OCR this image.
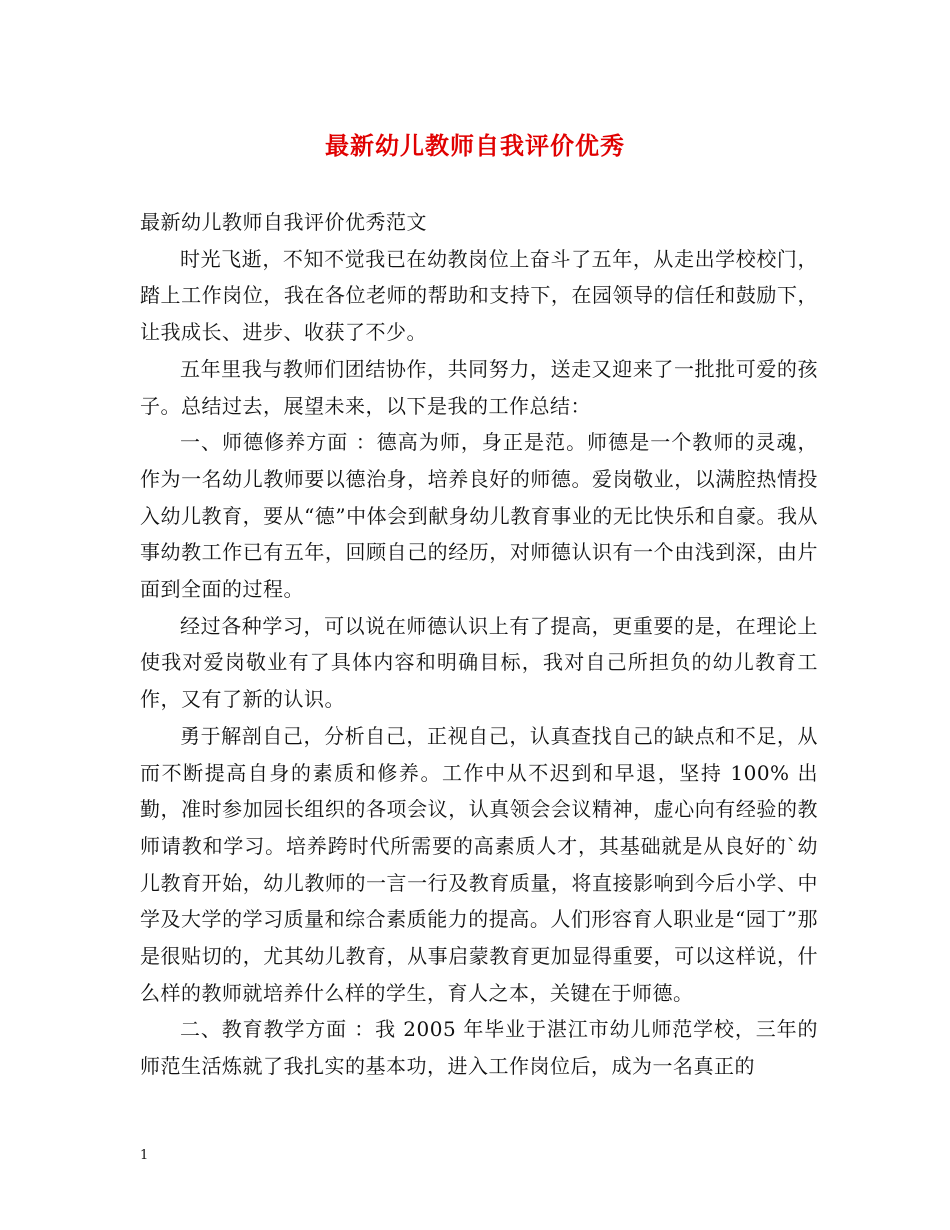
最新幼儿教师自我评价优秀

最新幼儿教师自我评价优秀范文

时光飞逝，不知不觉我已在幼教岗位上奋斗了五年，从走出学校校门，踏上工作岗位，我在各位老师的帮助和支持下，在园领导的信任和鼓励下，让我成长、进步、收获了不少。

五年里我与教师们团结协作，共同努力，送走又迎来了一批批可爱的孩子。总结过去，展望未来，以下是我的工作总结：

一、师德修养方面 ：德高为师，身正是范。师德是一个教师的灵魂，作为一名幼儿教师要以德治身，培养良好的师德。爱岗敬业，以满腔热情投入幼儿教育，要从“德”中体会到献身幼儿教育事业的无比快乐和自豪。我从事幼教工作已有五年，回顾自己的经历，对师德认识有一个由浅到深，由片面到全面的过程。

经过各种学习，可以说在师德认识上有了提高，更重要的是，在理论上使我对爱岗敬业有了具体内容和明确目标，我对自己所担负的幼儿教育工作，又有了新的认识。

勇于解剖自己，分析自己，正视自己，认真查找自己的缺点和不足，从而不断提高自身的素质和修养。工作中从不迟到和早退，坚持 100% 出勤，准时参加园长组织的各项会议，认真领会会议精神，虚心向有经验的教师请教和学习。培养跨时代所需要的高素质人才，其基础就是从良好的`幼儿教育开始，幼儿教师的一言一行及教育质量，将直接影响到今后小学、中学及大学的学习质量和综合素质能力的提高。人们形容育人职业是“园丁”那是很贴切的，尤其幼儿教育，从事启蒙教育更加显得重要，可以这样说，什么样的教师就培养什么样的学生，育人之本，关键在于师德。

二、教育教学方面 ：我 2005 年毕业于湛江市幼儿师范学校，三年的师范生活炼就了我扎实的基本功，进入工作岗位后，成为一名真正的

1
